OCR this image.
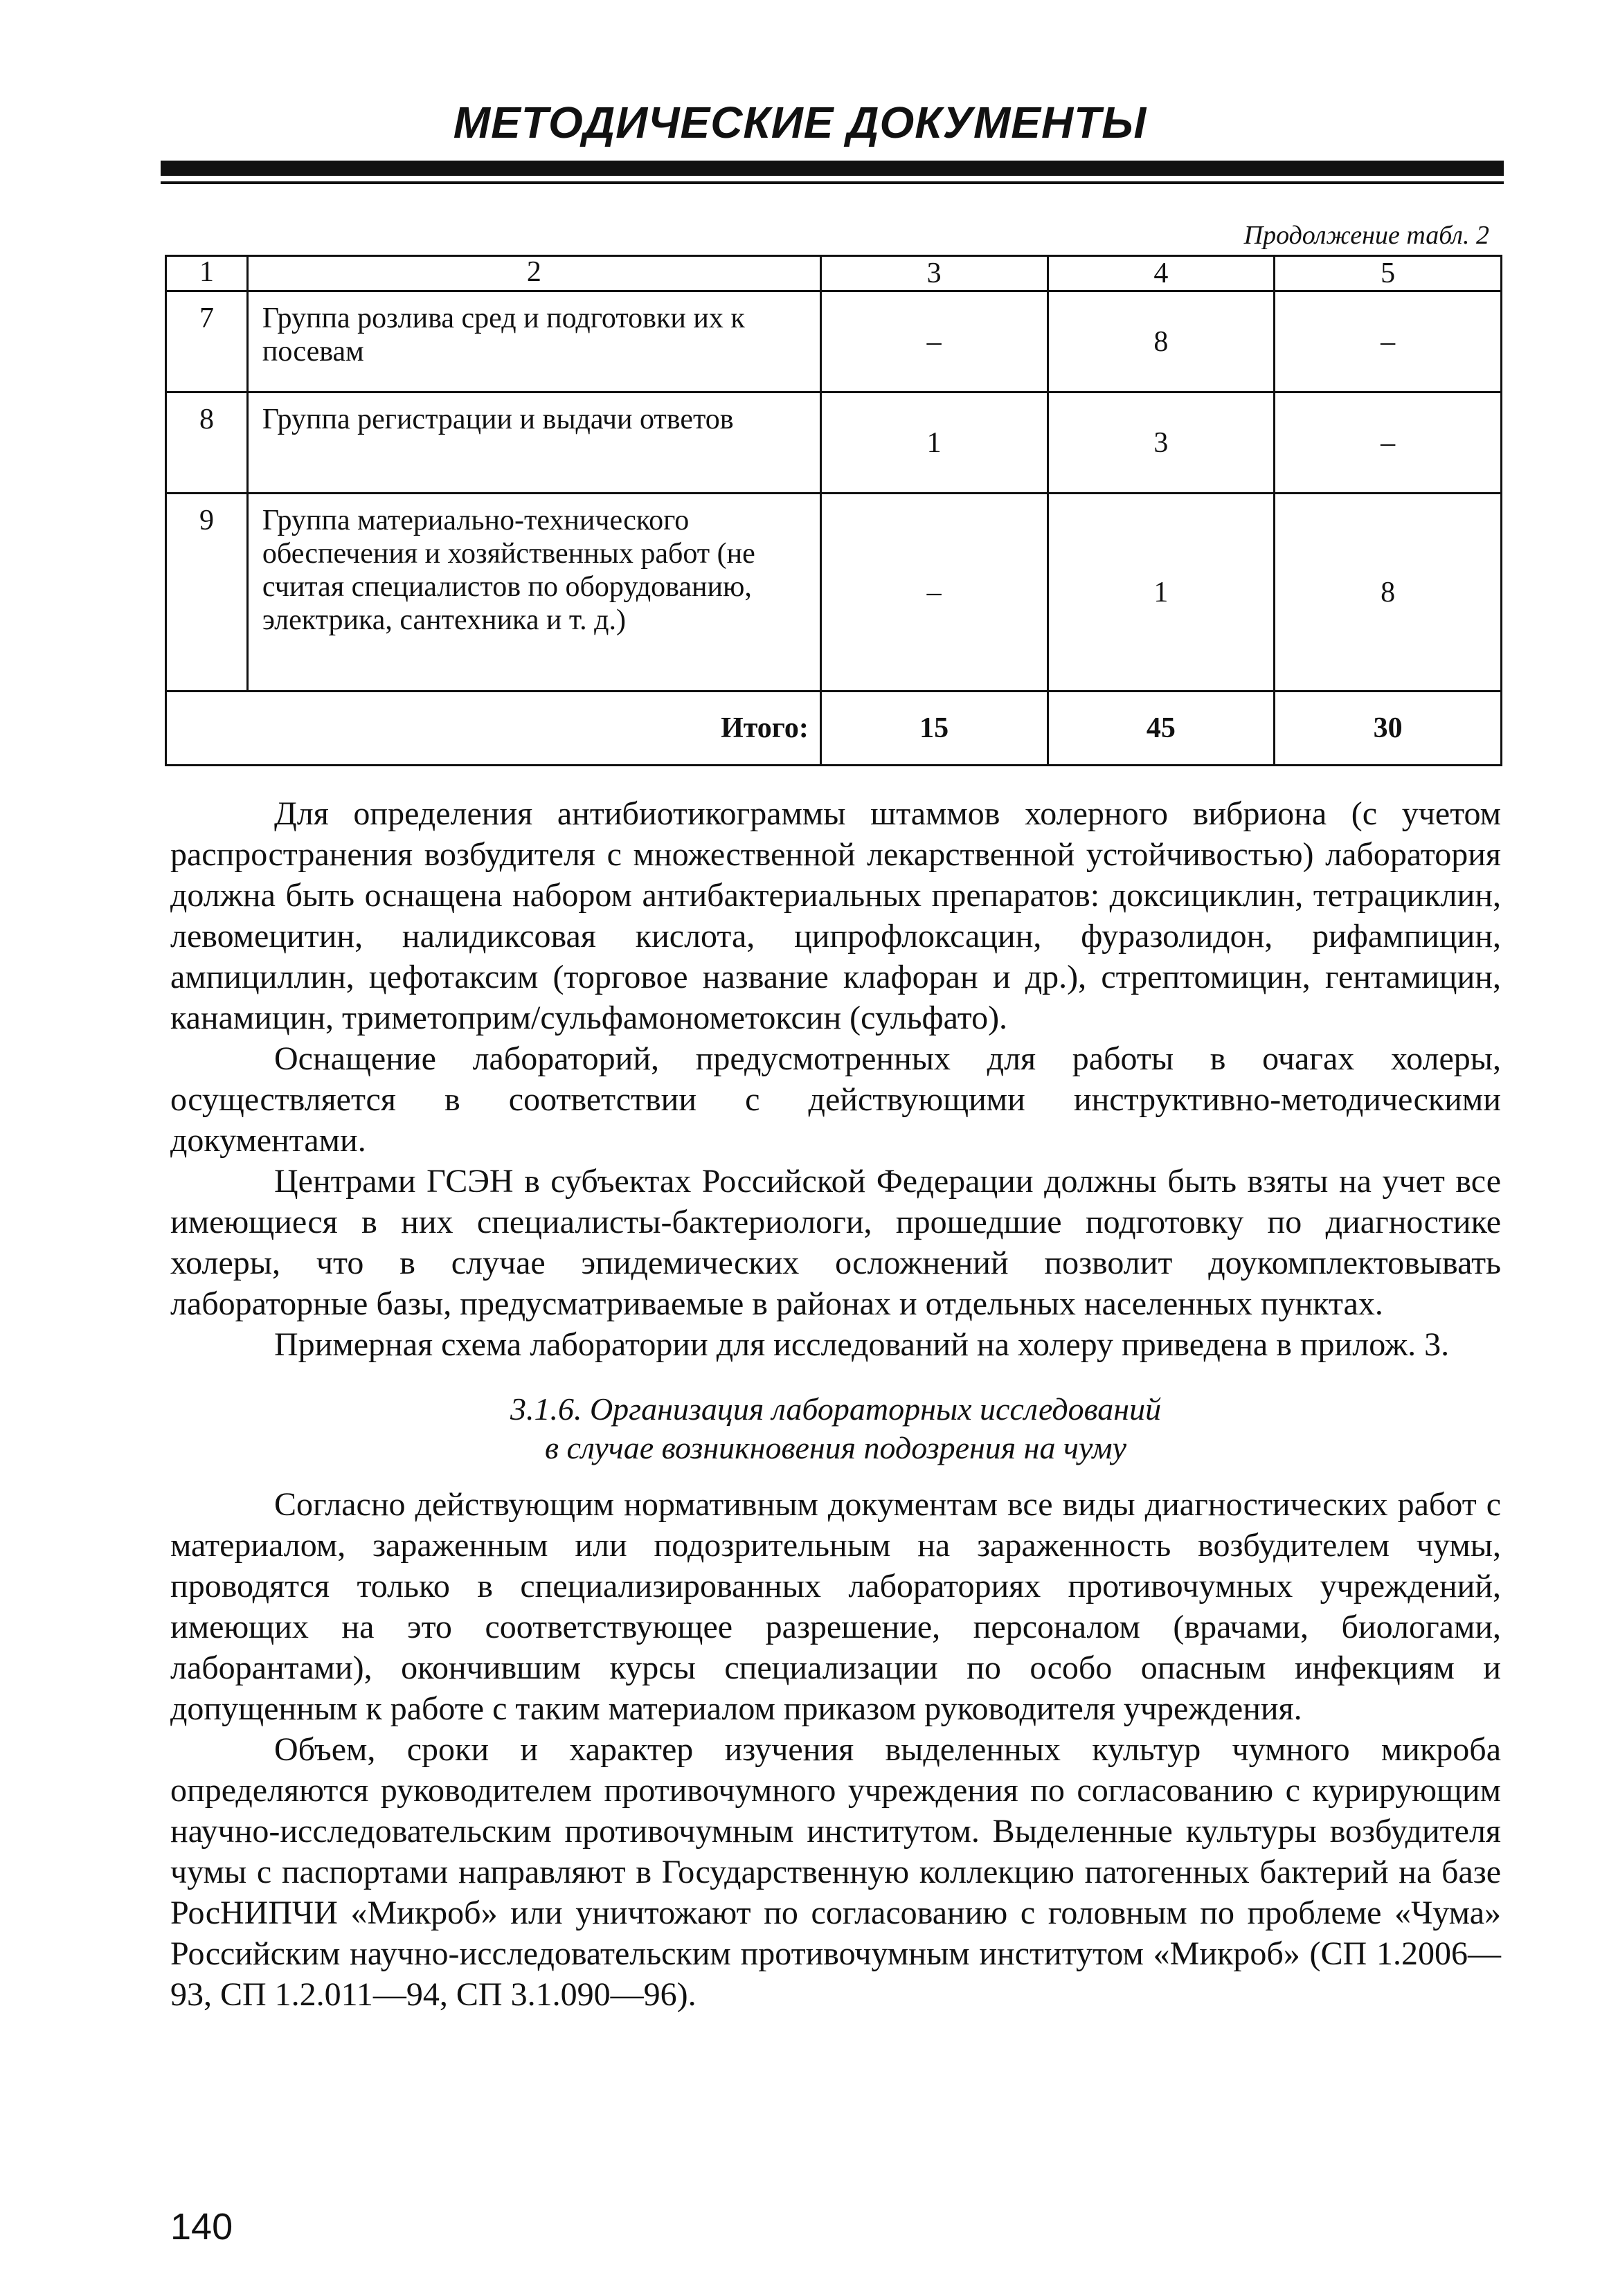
МЕТОДИЧЕСКИЕ ДОКУМЕНТЫ
Продолжение табл. 2
1	2	3	4	5
7	Группа розлива сред и подготовки их к посевам	–	8	–
8	Группа регистрации и выдачи ответов	1	3	–
9	Группа материально-технического обеспечения и хозяйственных работ (не считая специалистов по оборудованию, электрика, сантехника и т. д.)	–	1	8
Итого:		15	45	30

Для определения антибиотикограммы штаммов холерного вибриона (с учетом распространения возбудителя с множественной лекарственной устойчивостью) лаборатория должна быть оснащена набором антибактериальных препаратов: доксициклин, тетрациклин, левомецитин, налидиксовая кислота, ципрофлоксацин, фуразолидон, рифампицин, ампициллин, цефотаксим (торговое название клафоран и др.), стрептомицин, гентамицин, канамицин, триметоприм/сульфамонометоксин (сульфато).

Оснащение лабораторий, предусмотренных для работы в очагах холеры, осуществляется в соответствии с действующими инструктивно-методическими документами.

Центрами ГСЭН в субъектах Российской Федерации должны быть взяты на учет все имеющиеся в них специалисты-бактериологи, прошедшие подготовку по диагностике холеры, что в случае эпидемических осложнений позволит доукомплектовывать лабораторные базы, предусматриваемые в районах и отдельных населенных пунктах.

Примерная схема лаборатории для исследований на холеру приведена в прилож. 3.

3.1.6. Организация лабораторных исследований
в случае возникновения подозрения на чуму

Согласно действующим нормативным документам все виды диагностических работ с материалом, зараженным или подозрительным на зараженность возбудителем чумы, проводятся только в специализированных лабораториях противочумных учреждений, имеющих на это соответствующее разрешение, персоналом (врачами, биологами, лаборантами), окончившим курсы специализации по особо опасным инфекциям и допущенным к работе с таким материалом приказом руководителя учреждения.

Объем, сроки и характер изучения выделенных культур чумного микроба определяются руководителем противочумного учреждения по согласованию с курирующим научно-исследовательским противочумным институтом. Выделенные культуры возбудителя чумы с паспортами направляют в Государственную коллекцию патогенных бактерий на базе РосНИПЧИ «Микроб» или уничтожают по согласованию с головным по проблеме «Чума» Российским научно-исследовательским противочумным институтом «Микроб» (СП 1.2006—93, СП 1.2.011—94, СП 3.1.090—96).

140
